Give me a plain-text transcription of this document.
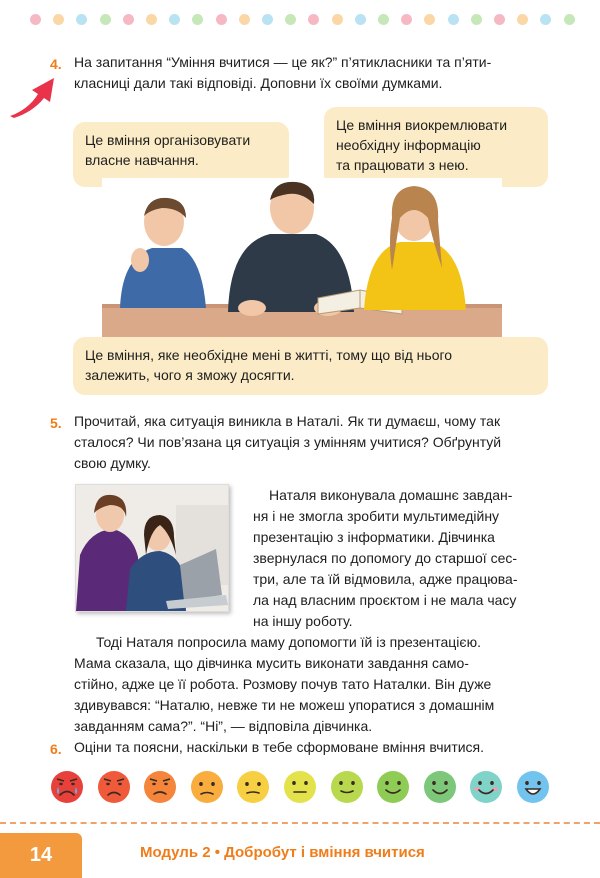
4. На запитання “Уміння вчитися — це як?” п’ятикласники та п’яти-
класниці дали такі відповіді. Доповни їх своїми думками.
Це вміння організовувати
власне навчання.
Це вміння виокремлювати
необхідну інформацію
та працювати з нею.
Це вміння, яке необхідне мені в житті, тому що від нього
залежить, чого я зможу досягти.
5. Прочитай, яка ситуація виникла в Наталі. Як ти думаєш, чому так
сталося? Чи пов’язана ця ситуація з умінням учитися? Обґрунтуй
свою думку.
Наталя виконувала домашнє завдан-
ня і не змогла зробити мультимедійну
презентацію з інформатики. Дівчинка
звернулася по допомогу до старшої сес-
три, але та їй відмовила, адже працюва-
ла над власним проєктом і не мала часу
на іншу роботу.
Тоді Наталя попросила маму допомогти їй із презентацією.
Мама сказала, що дівчинка мусить виконати завдання само-
стійно, адже це її робота. Розмову почув тато Наталки. Він дуже
здивувався: “Наталю, невже ти не можеш упоратися з домашнім
завданням сама?”. “Ні”, — відповіла дівчинка.
6. Оціни та поясни, наскільки в тебе сформоване вміння вчитися.
14	Модуль 2 • Добробут і вміння вчитися
